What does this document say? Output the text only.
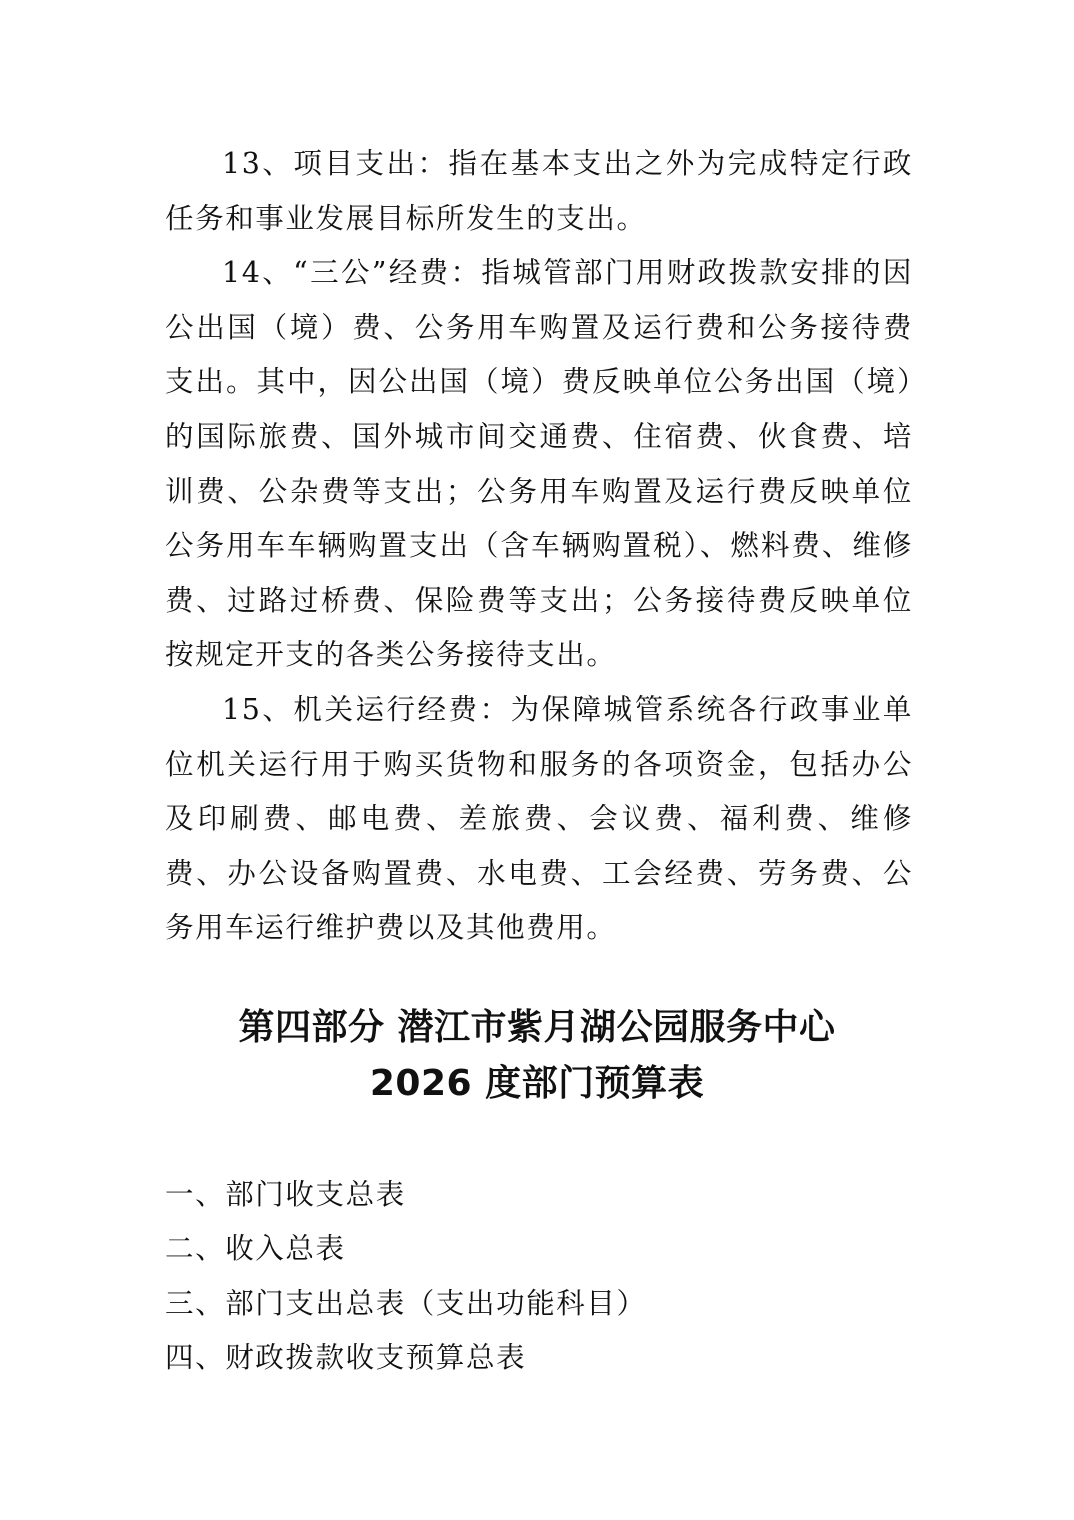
13、项目支出：指在基本支出之外为完成特定行政任务和事业发展目标所发生的支出。

14、“三公”经费：指城管部门用财政拨款安排的因公出国（境）费、公务用车购置及运行费和公务接待费支出。其中，因公出国（境）费反映单位公务出国（境）的国际旅费、国外城市间交通费、住宿费、伙食费、培训费、公杂费等支出；公务用车购置及运行费反映单位公务用车车辆购置支出（含车辆购置税）、燃料费、维修费、过路过桥费、保险费等支出；公务接待费反映单位按规定开支的各类公务接待支出。

15、机关运行经费：为保障城管系统各行政事业单位机关运行用于购买货物和服务的各项资金，包括办公及印刷费、邮电费、差旅费、会议费、福利费、维修费、办公设备购置费、水电费、工会经费、劳务费、公务用车运行维护费以及其他费用。

第四部分 潜江市紫月湖公园服务中心
2026 度部门预算表
一、部门收支总表
二、收入总表
三、部门支出总表（支出功能科目）
四、财政拨款收支预算总表
